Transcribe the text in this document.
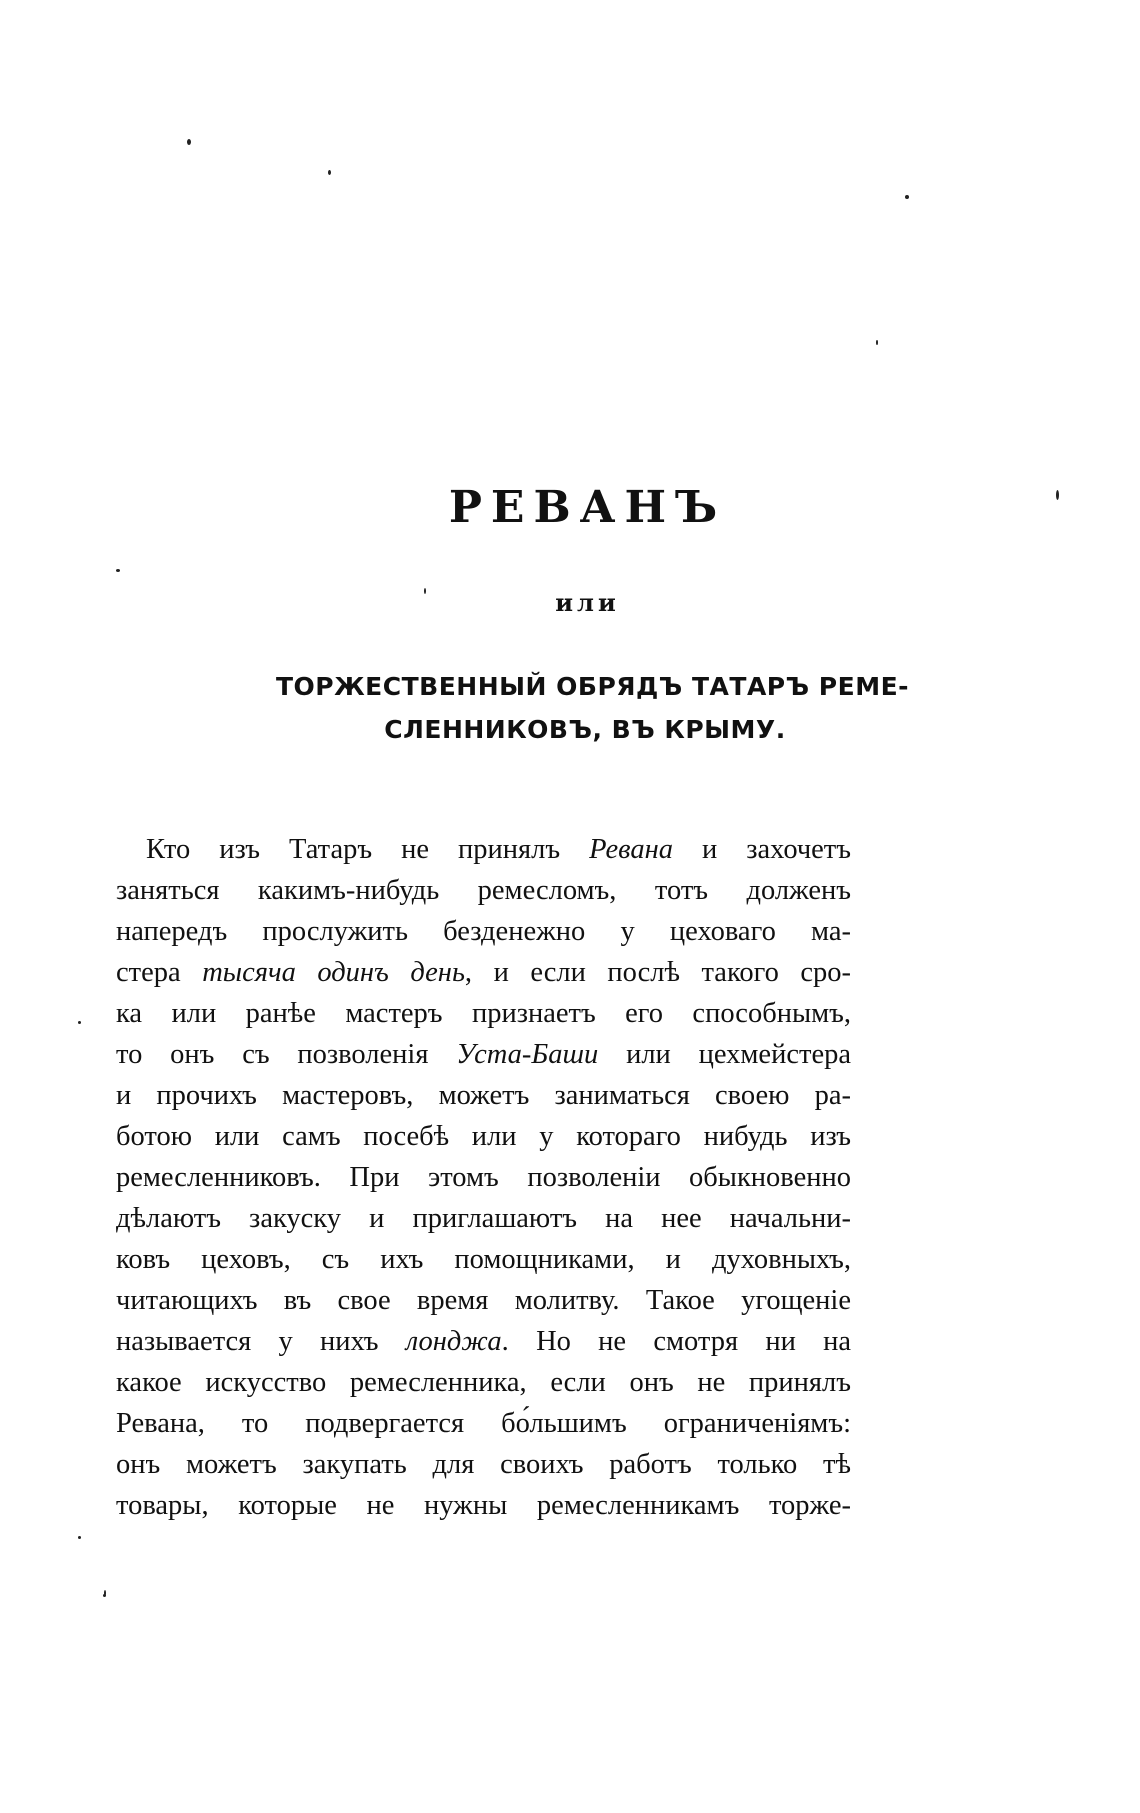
РЕВАНЪ
или
ТОРЖЕСТВЕННЫЙ ОБРЯДЪ ТАТАРЪ РЕМЕ-
СЛЕННИКОВЪ, ВЪ КРЫМУ.
Кто изъ Татаръ не принялъ Ревана и захочетъ
заняться какимъ-нибудь ремесломъ, тотъ долженъ
напередъ прослужить безденежно у цеховаго ма-
стера тысяча одинъ день, и если послѣ такого сро-
ка или ранѣе мастеръ признаетъ его способнымъ,
то онъ съ позволенія Уста-Баши или цехмейстера
и прочихъ мастеровъ, можетъ заниматься своею ра-
ботою или самъ посебѣ или у котораго нибудь изъ
ремесленниковъ. При этомъ позволеніи обыкновенно
дѣлаютъ закуску и приглашаютъ на нее начальни-
ковъ цеховъ, съ ихъ помощниками, и духовныхъ,
читающихъ въ свое время молитву. Такое угощеніе
называется у нихъ лонджа. Но не смотря ни на
какое искусство ремесленника, если онъ не принялъ
Ревана, то подвергается бо́льшимъ ограниченіямъ:
онъ можетъ закупать для своихъ работъ только тѣ
товары, которые не нужны ремесленникамъ торже-
